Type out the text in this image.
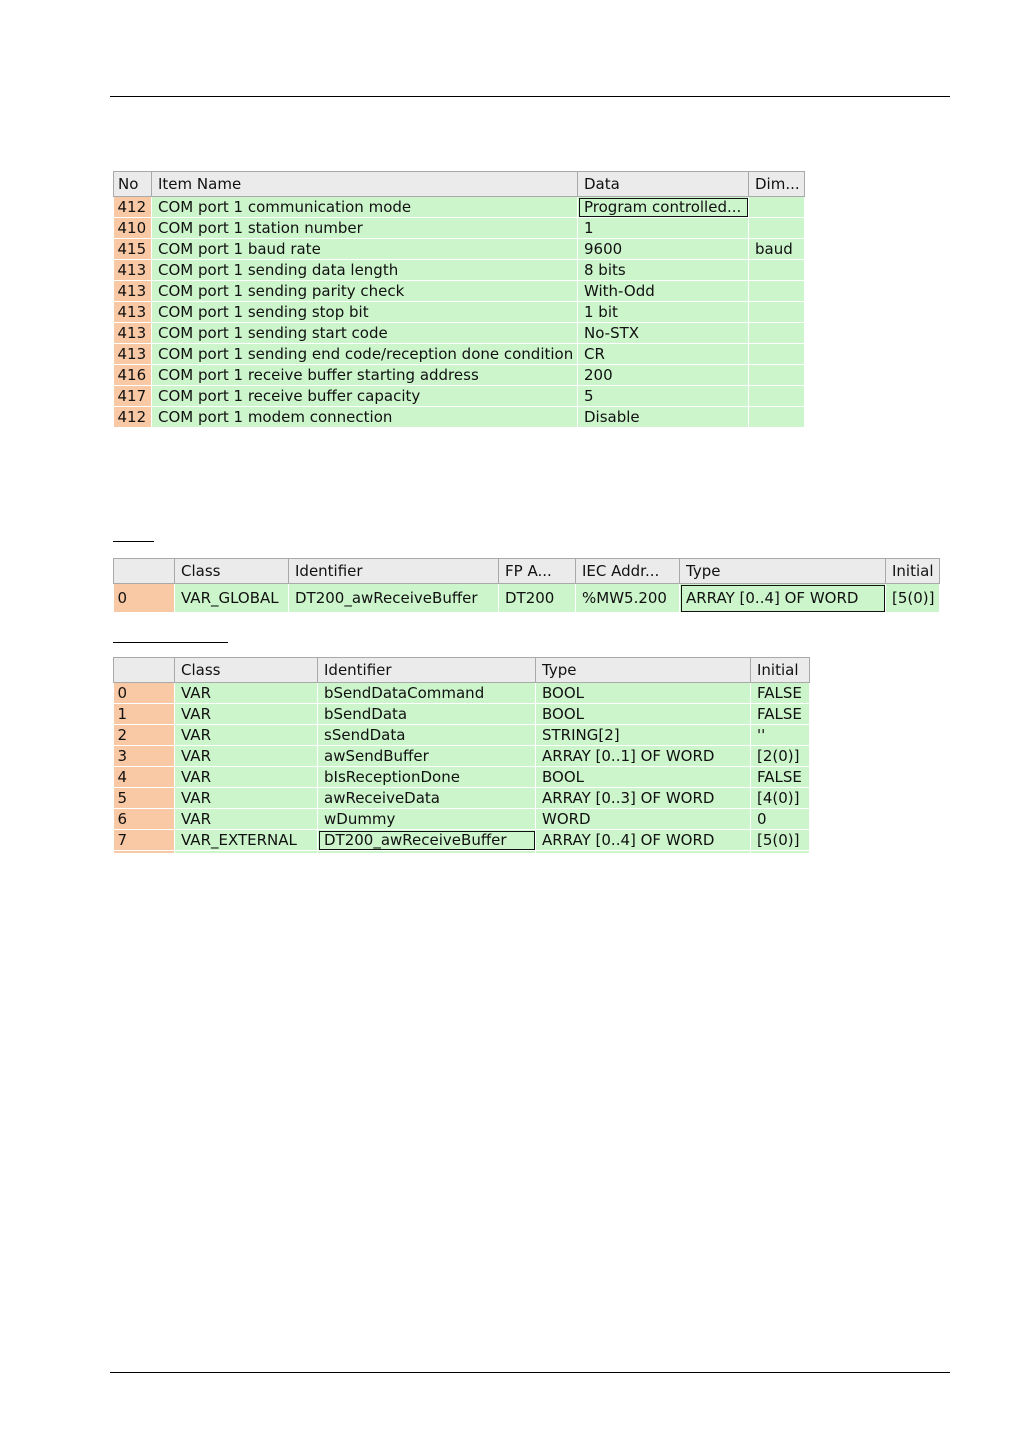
No	Item Name	Data	Dim...
412	COM port 1 communication mode	Program controlled...	
410	COM port 1 station number	1	
415	COM port 1 baud rate	9600	baud
413	COM port 1 sending data length	8 bits	
413	COM port 1 sending parity check	With-Odd	
413	COM port 1 sending stop bit	1 bit	
413	COM port 1 sending start code	No-STX	
413	COM port 1 sending end code/reception done condition	CR	
416	COM port 1 receive buffer starting address	200	
417	COM port 1 receive buffer capacity	5	
412	COM port 1 modem connection	Disable	
	Class	Identifier	FP A...	IEC Addr...	Type	Initial
0	VAR_GLOBAL	DT200_awReceiveBuffer	DT200	%MW5.200	ARRAY [0..4] OF WORD	[5(0)]
	Class	Identifier	Type	Initial
0	VAR	bSendDataCommand	BOOL	FALSE
1	VAR	bSendData	BOOL	FALSE
2	VAR	sSendData	STRING[2]	''
3	VAR	awSendBuffer	ARRAY [0..1] OF WORD	[2(0)]
4	VAR	bIsReceptionDone	BOOL	FALSE
5	VAR	awReceiveData	ARRAY [0..3] OF WORD	[4(0)]
6	VAR	wDummy	WORD	0
7	VAR_EXTERNAL	DT200_awReceiveBuffer	ARRAY [0..4] OF WORD	[5(0)]
